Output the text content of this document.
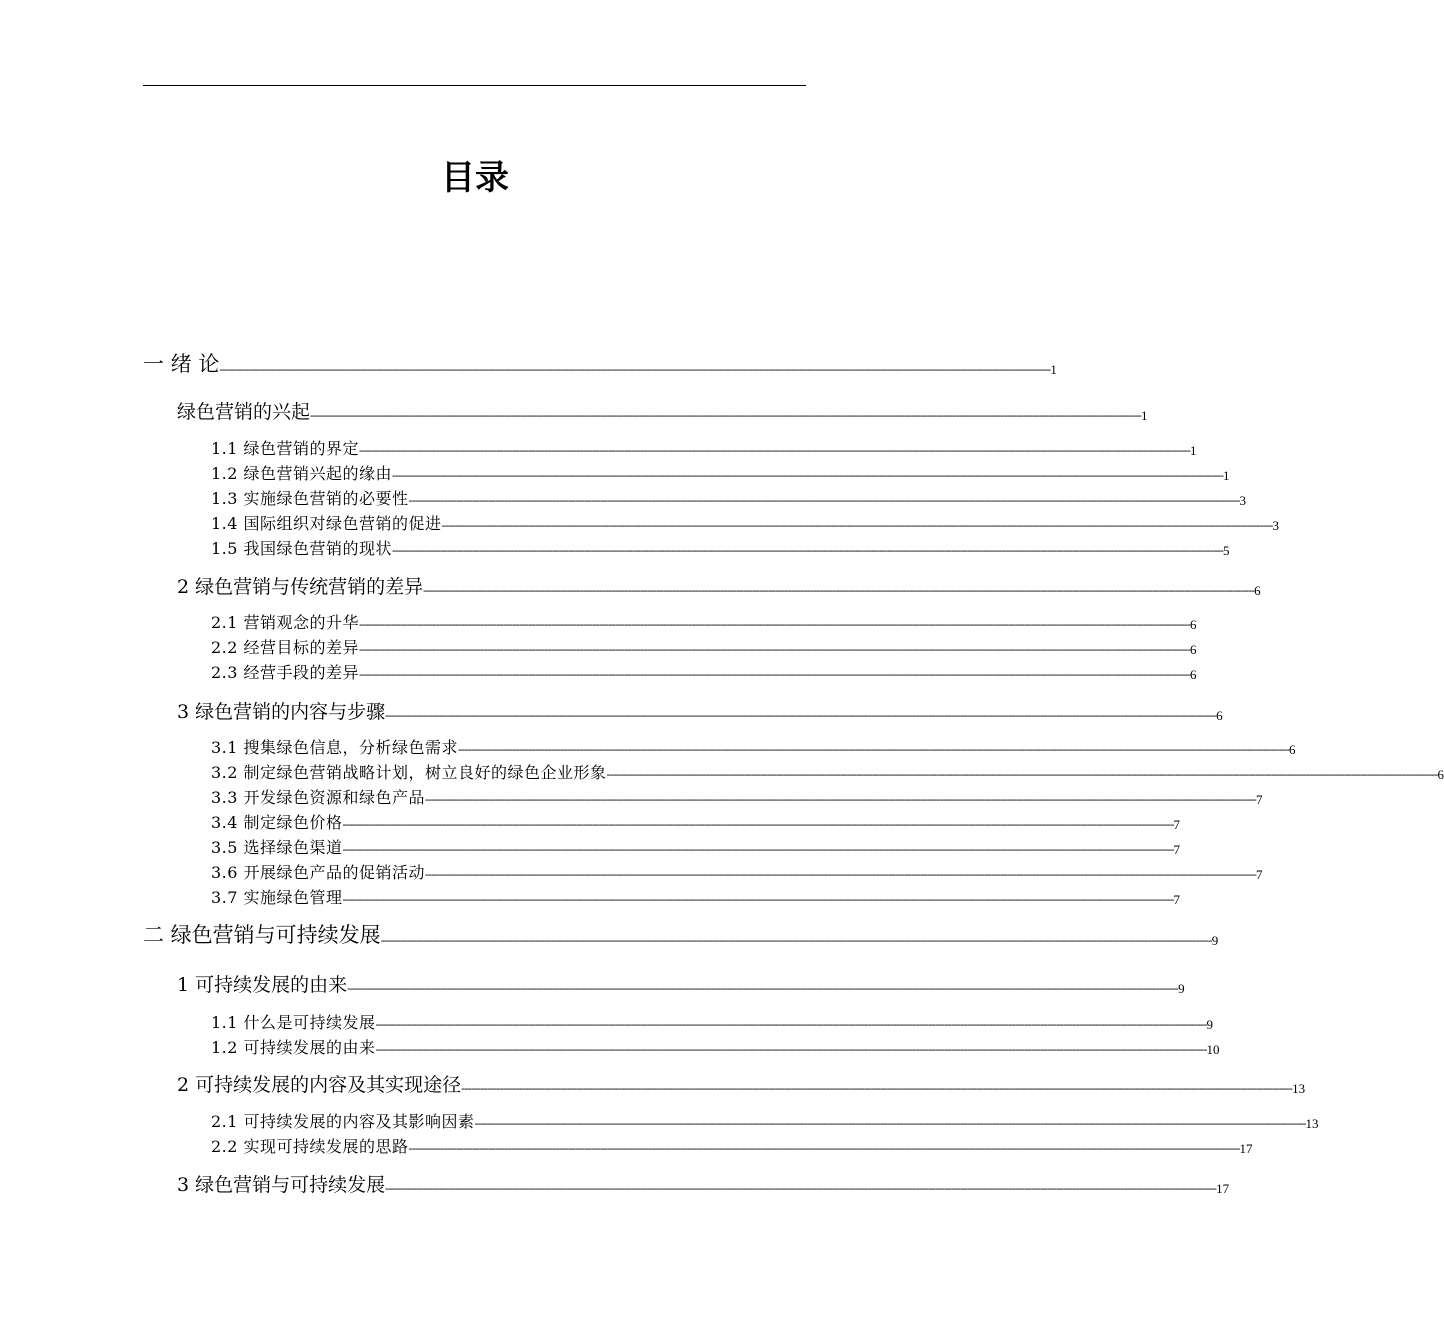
目录
一 绪 论 -------------------------------------------------------------------------------------------------------------------------------------------------------------------------------------------------------------------------------------------------------------------- 1
绿色营销的兴起 -------------------------------------------------------------------------------------------------------------------------------------------------------------------------------------------------------------------------------------------------------------------- 1
1.1 绿色营销的界定 -------------------------------------------------------------------------------------------------------------------------------------------------------------------------------------------------------------------------------------------------------------------- 1
1.2 绿色营销兴起的缘由 -------------------------------------------------------------------------------------------------------------------------------------------------------------------------------------------------------------------------------------------------------------------- 1
1.3 实施绿色营销的必要性 -------------------------------------------------------------------------------------------------------------------------------------------------------------------------------------------------------------------------------------------------------------------- 3
1.4 国际组织对绿色营销的促进 -------------------------------------------------------------------------------------------------------------------------------------------------------------------------------------------------------------------------------------------------------------------- 3
1.5 我国绿色营销的现状 -------------------------------------------------------------------------------------------------------------------------------------------------------------------------------------------------------------------------------------------------------------------- 5
2 绿色营销与传统营销的差异 -------------------------------------------------------------------------------------------------------------------------------------------------------------------------------------------------------------------------------------------------------------------- 6
2.1 营销观念的升华 -------------------------------------------------------------------------------------------------------------------------------------------------------------------------------------------------------------------------------------------------------------------- 6
2.2 经营目标的差异 -------------------------------------------------------------------------------------------------------------------------------------------------------------------------------------------------------------------------------------------------------------------- 6
2.3 经营手段的差异 -------------------------------------------------------------------------------------------------------------------------------------------------------------------------------------------------------------------------------------------------------------------- 6
3 绿色营销的内容与步骤 -------------------------------------------------------------------------------------------------------------------------------------------------------------------------------------------------------------------------------------------------------------------- 6
3.1 搜集绿色信息，分析绿色需求 -------------------------------------------------------------------------------------------------------------------------------------------------------------------------------------------------------------------------------------------------------------------- 6
3.2 制定绿色营销战略计划，树立良好的绿色企业形象 -------------------------------------------------------------------------------------------------------------------------------------------------------------------------------------------------------------------------------------------------------------------- 6
3.3 开发绿色资源和绿色产品 -------------------------------------------------------------------------------------------------------------------------------------------------------------------------------------------------------------------------------------------------------------------- 7
3.4 制定绿色价格 -------------------------------------------------------------------------------------------------------------------------------------------------------------------------------------------------------------------------------------------------------------------- 7
3.5 选择绿色渠道 -------------------------------------------------------------------------------------------------------------------------------------------------------------------------------------------------------------------------------------------------------------------- 7
3.6 开展绿色产品的促销活动 -------------------------------------------------------------------------------------------------------------------------------------------------------------------------------------------------------------------------------------------------------------------- 7
3.7 实施绿色管理 -------------------------------------------------------------------------------------------------------------------------------------------------------------------------------------------------------------------------------------------------------------------- 7
二 绿色营销与可持续发展 -------------------------------------------------------------------------------------------------------------------------------------------------------------------------------------------------------------------------------------------------------------------- 9
1 可持续发展的由来 -------------------------------------------------------------------------------------------------------------------------------------------------------------------------------------------------------------------------------------------------------------------- 9
1.1 什么是可持续发展 -------------------------------------------------------------------------------------------------------------------------------------------------------------------------------------------------------------------------------------------------------------------- 9
1.2 可持续发展的由来 -------------------------------------------------------------------------------------------------------------------------------------------------------------------------------------------------------------------------------------------------------------------- 10
2 可持续发展的内容及其实现途径 -------------------------------------------------------------------------------------------------------------------------------------------------------------------------------------------------------------------------------------------------------------------- 13
2.1 可持续发展的内容及其影响因素 -------------------------------------------------------------------------------------------------------------------------------------------------------------------------------------------------------------------------------------------------------------------- 13
2.2 实现可持续发展的思路 -------------------------------------------------------------------------------------------------------------------------------------------------------------------------------------------------------------------------------------------------------------------- 17
3 绿色营销与可持续发展 -------------------------------------------------------------------------------------------------------------------------------------------------------------------------------------------------------------------------------------------------------------------- 17
